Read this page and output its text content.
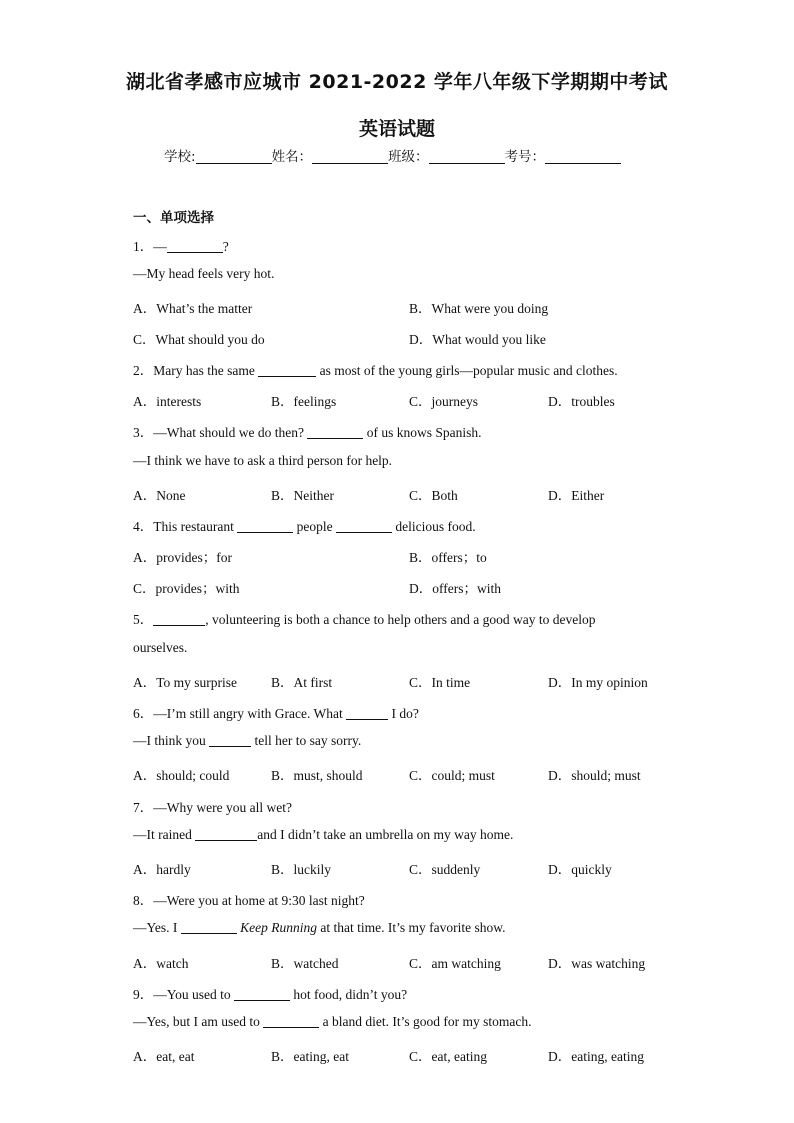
湖北省孝感市应城市 2021-2022 学年八年级下学期期中考试
英语试题
学校:	姓名：	班级：	考号：
一、单项选择
1．—	?
—My head feels very hot.
A．What’s the matter	B．What were you doing
C．What should you do	D．What would you like
2．Mary has the same	as most of the young girls—popular music and clothes.
A．interests	B．feelings	C．journeys	D．troubles
3．—What should we do then?	of us knows Spanish.
—I think we have to ask a third person for help.
A．None	B．Neither	C．Both	D．Either
4．This restaurant	people	delicious food.
A．provides；for	B．offers；to
C．provides；with	D．offers；with
5．	, volunteering is both a chance to help others and a good way to develop
ourselves.
A．To my surprise	B．At first	C．In time	D．In my opinion
6．—I’m still angry with Grace. What	I do?
—I think you	tell her to say sorry.
A．should; could	B．must, should	C．could; must	D．should; must
7．—Why were you all wet?
—It rained	and I didn’t take an umbrella on my way home.
A．hardly	B．luckily	C．suddenly	D．quickly
8．—Were you at home at 9:30 last night?
—Yes. I	Keep Running at that time. It’s my favorite show.
A．watch	B．watched	C．am watching	D．was watching
9．—You used to	hot food, didn’t you?
—Yes, but I am used to	a bland diet. It’s good for my stomach.
A．eat, eat	B．eating, eat	C．eat, eating	D．eating, eating
